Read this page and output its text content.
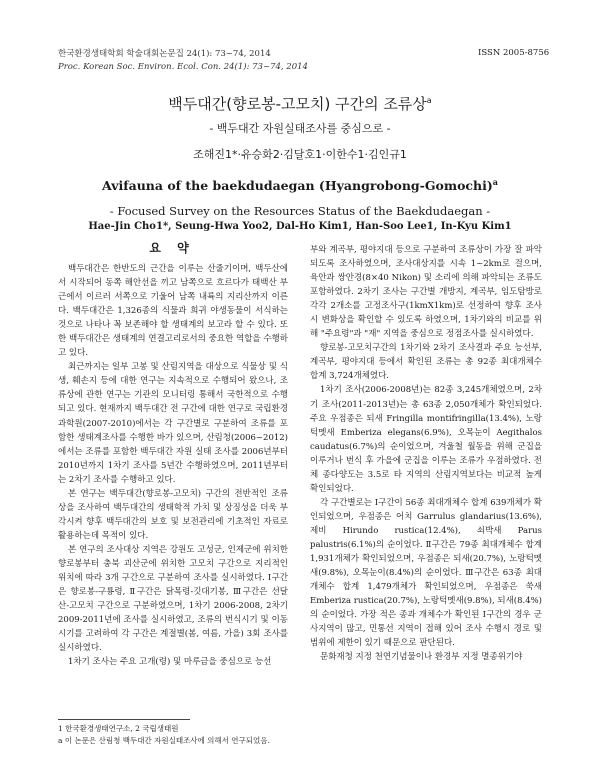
한국환경생태학회 학술대회논문집 24(1): 73~74, 2014
Proc. Korean Soc. Environ. Ecol. Con. 24(1): 73~74, 2014
ISSN 2005-8756
백두대간(향로봉-고모치) 구간의 조류상$^a$
- 백두대간 자원실태조사를 중심으로 -
조해진1*·유승화2·김달호1·이한수1·김인규1
Avifauna of the baekdudaegan (Hyangrobong-Gomochi)$^a$
- Focused Survey on the Resources Status of the Baekdudaegan -
Hae-Jin Cho1*, Seung-Hwa Yoo2, Dal-Ho Kim1, Han-Soo Lee1, In-Kyu Kim1
요 약

백두대간은 한반도의 근간을 이루는 산줄기이며, 백두산에서 시작되어 동쪽 해안선을 끼고 남쪽으로 흐르다가 태백산 부근에서 이르러 서쪽으로 기울어 남쪽 내륙의 지리산까지 이른다. 백두대간은 1,326종의 식물과 희귀 야생동물이 서식하는 것으로 나타나 꼭 보존해야 할 생태계의 보고라 할 수 있다. 또한 백두대간은 생태계의 연결고리로서의 중요한 역할을 수행하고 있다.

최근까지는 일부 고봉 및 산림지역을 대상으로 식물상 및 식생, 훼손지 등에 대한 연구는 지속적으로 수행되어 왔으나, 조류상에 관한 연구는 기관의 모니터링 통해서 국한적으로 수행되고 있다. 현재까지 백두대간 전 구간에 대한 연구로 국립환경과학원(2007-2010)에서는 각 구간별로 구분하여 조류를 포함한 생태계조사를 수행한 바가 있으며, 산림청(2006~2012)에서는 조류를 포함한 백두대간 자원 실태 조사를 2006년부터 2010년까지 1차기 조사를 5년간 수행하였으며, 2011년부터는 2차기 조사를 수행하고 있다.

본 연구는 백두대간(향로봉-고모치) 구간의 전반적인 조류상을 조사하여 백두대간의 생태학적 가치 및 상징성을 더욱 부각시켜 향후 백두대간의 보호 및 보전관리에 기초적인 자료로 활용하는데 목적이 있다.

본 연구의 조사대상 지역은 강원도 고성군, 인제군에 위치한 향로봉부터 충북 괴산군에 위치한 고모치 구간으로 지리적인 위치에 따라 3개 구간으로 구분하여 조사를 실시하였다. Ⅰ구간은 향로봉-구룡령, Ⅱ구간은 닭목령-깃대기봉, Ⅲ구간은 선달산-고모치 구간으로 구분하였으며, 1차기 2006-2008, 2차기 2009-2011년에 조사를 실시하였고, 조류의 번식시기 및 이동시기를 고려하여 각 구간은 계절별(봄, 여름, 가을) 3회 조사를 실시하였다.

1차기 조사는 주요 고개(령) 및 마루금을 중심으로 능선

부와 계곡부, 평야지대 등으로 구분하여 조류상이 가장 잘 파악되도록 조사하였으며, 조사대상지를 시속 1~2km로 걸으며, 육안과 쌍안경(8×40 Nikon) 및 소리에 의해 파악되는 조류도 포함하였다. 2차기 조사는 구간별 개방지, 계곡부, 임도탐방로 각각 2개소를 고정조사구(1kmX1km)로 선정하여 향후 조사시 변화상을 확인할 수 있도록 하였으며, 1차기와의 비교를 위해 "주요령"과 "재" 지역을 중심으로 정점조사를 실시하였다.

향로봉-고모치구간의 1차기와 2차기 조사결과 주요 능선부, 계곡부, 평야지대 등에서 확인된 조류는 총 92종 최대개체수 합계 3,724개체였다.

1차기 조사(2006-2008년)는 82종 3,245개체였으며, 2차기 조사(2011-2013년)는 총 63종 2,050개체가 확인되었다. 주요 우점종은 되새 Fringilla montifringilla(13.4%), 노랑턱멧새 Emberiza elegans(6.9%), 오목눈이 Aegithalos caudatus(6.7%)의 순이었으며, 겨울철 월동을 위해 군집을 이루거나 번식 후 가을에 군집을 이루는 조류가 우점하였다. 전체 종다양도는 3.5로 타 지역의 산림지역보다는 비교적 높게 확인되었다.

각 구간별로는 Ⅰ구간이 56종 최대개체수 합계 639개체가 확인되었으며, 우점종은 어치 Garrulus glandarius(13.6%), 제비 Hirundo rustica(12.4%), 쇠박새 Parus palustris(6.1%)의 순이었다. Ⅱ구간은 79종 최대개체수 합계 1,931개체가 확인되었으며, 우점종은 되새(20.7%), 노랑턱멧새(9.8%), 오목눈이(8.4%)의 순이었다. Ⅲ구간은 63종 최대개체수 합계 1,479개체가 확인되었으며, 우점종은 쑥새 Emberiza rustica(20.7%), 노랑턱멧새(9.8%), 되새(8.4%)의 순이었다. 가장 적은 종과 개체수가 확인된 Ⅰ구간의 경우 군사지역이 많고, 민통선 지역이 접해 있어 조사 수행시 경로 및 범위에 제한이 있기 때문으로 판단된다.

문화재청 지정 천연기념물이나 환경부 지정 멸종위기야

1 한국환경생태연구소, 2 국립생태원
a 이 논문은 산림청 백두대간 자원실태조사에 의해서 연구되었음.
